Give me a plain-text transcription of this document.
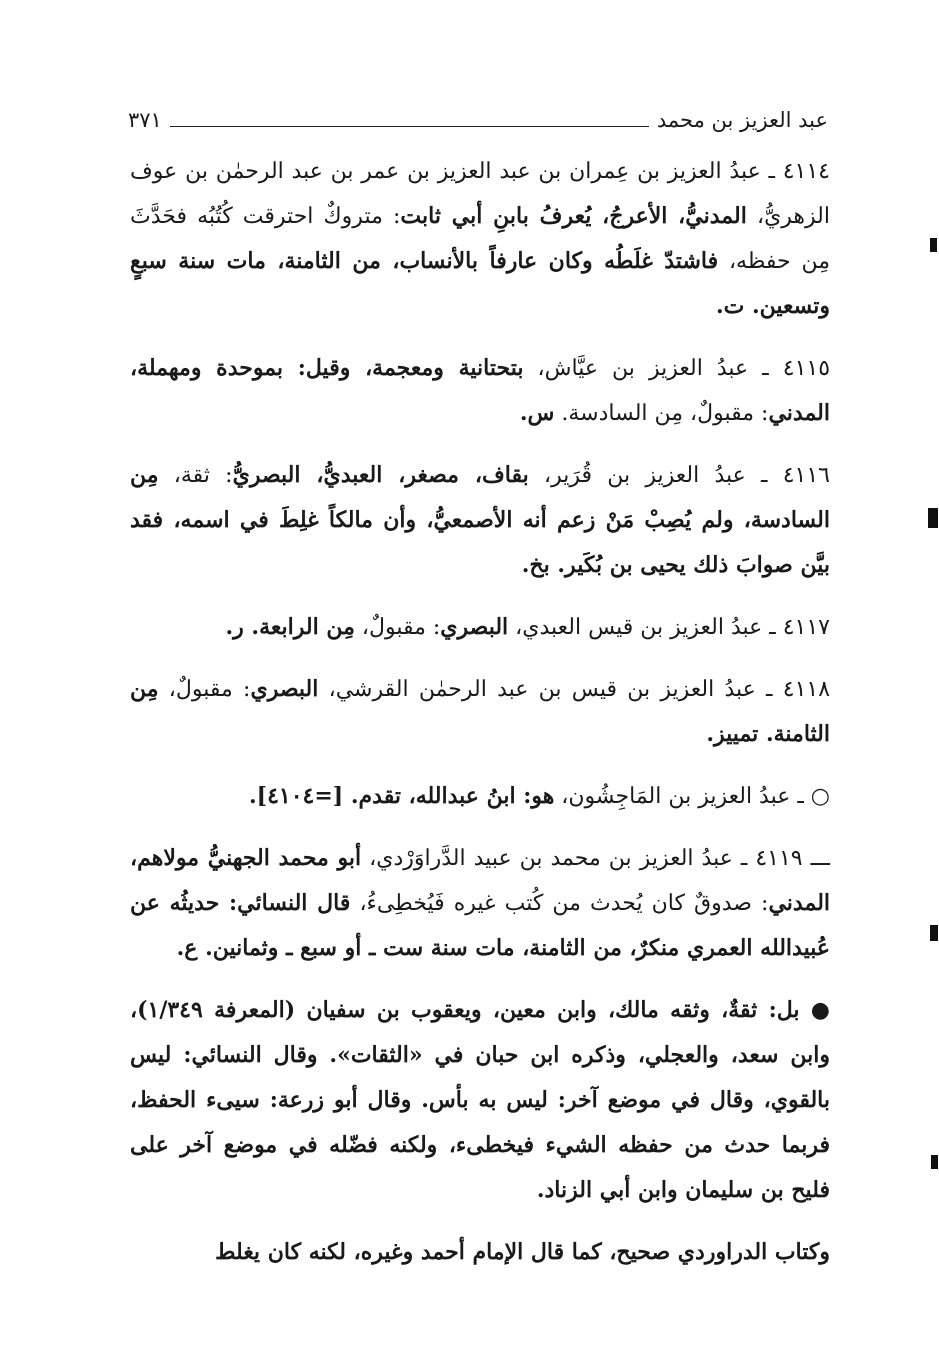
عبد العزيز بن محمد
٣٧١

٤١١٤ ـ عبدُ العزيز بن عِمران بن عبد العزيز بن عمر بن عبد الرحمٰن بن عوف الزهريُّ، المدنيُّ، الأعرجُ، يُعرفُ بابنِ أبي ثابت: متروكٌ احترقت كُتُبُه فحَدَّثَ مِن حفظه، فاشتدّ غلَطُه وكان عارفاً بالأنساب، من الثامنة، مات سنة سبعٍ وتسعين. ت.

٤١١٥ ـ عبدُ العزيز بن عيَّاش، بتحتانية ومعجمة، وقيل: بموحدة ومهملة، المدني: مقبولٌ، مِن السادسة. س.

٤١١٦ ـ عبدُ العزيز بن قُرَير، بقاف، مصغر، العبديُّ، البصريُّ: ثقة، مِن السادسة، ولم يُصِبْ مَنْ زعم أنه الأصمعيُّ، وأن مالكاً غلِطَ في اسمه، فقد بيَّن صوابَ ذلك يحيى بن بُكَير. بخ.

٤١١٧ ـ عبدُ العزيز بن قيس العبدي، البصري: مقبولٌ، مِن الرابعة. ر.

٤١١٨ ـ عبدُ العزيز بن قيس بن عبد الرحمٰن القرشي، البصري: مقبولٌ، مِن الثامنة. تمييز.

○ ـ عبدُ العزيز بن المَاجِشُون، هو: ابنُ عبدالله، تقدم. [=٤١٠٤].

ـــ ٤١١٩ ـ عبدُ العزيز بن محمد بن عبيد الدَّراوَرْدي، أبو محمد الجهنيُّ مولاهم، المدني: صدوقٌ كان يُحدث من كُتب غيره فَيُخطِىءُ، قال النسائي: حديثُه عن عُبيدالله العمري منكرٌ، من الثامنة، مات سنة ست ـ أو سبع ـ وثمانين. ع.

● بل: ثقةٌ، وثقه مالك، وابن معين، ويعقوب بن سفيان (المعرفة ١/٣٤٩)، وابن سعد، والعجلي، وذكره ابن حبان في «الثقات». وقال النسائي: ليس بالقوي، وقال في موضع آخر: ليس به بأس. وقال أبو زرعة: سيىء الحفظ، فربما حدث من حفظه الشيء فيخطىء، ولكنه فضّله في موضع آخر على فليح بن سليمان وابن أبي الزناد.

وكتاب الدراوردي صحيح، كما قال الإمام أحمد وغيره، لكنه كان يغلط
